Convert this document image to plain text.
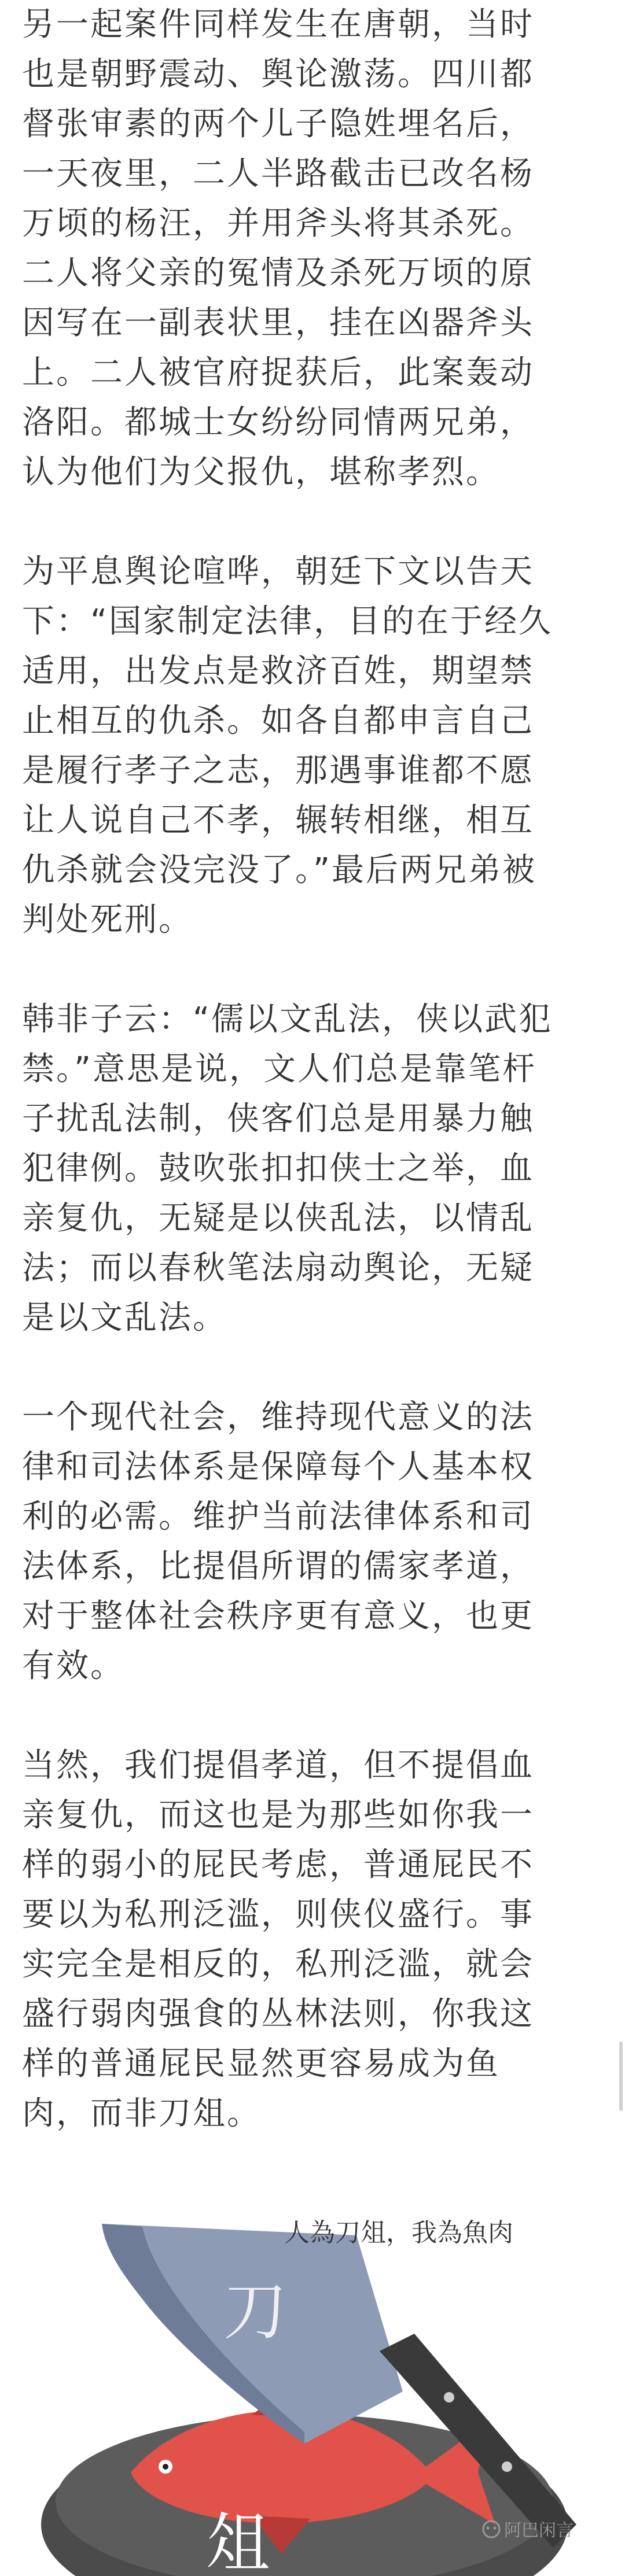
另一起案件同样发生在唐朝，当时
也是朝野震动、舆论激荡。四川都
督张审素的两个儿子隐姓埋名后，
一天夜里，二人半路截击已改名杨
万顷的杨汪，并用斧头将其杀死。
二人将父亲的冤情及杀死万顷的原
因写在一副表状里，挂在凶器斧头
上。二人被官府捉获后，此案轰动
洛阳。都城士女纷纷同情两兄弟，
认为他们为父报仇，堪称孝烈。

为平息舆论喧哗，朝廷下文以告天
下：“国家制定法律，目的在于经久
适用，出发点是救济百姓，期望禁
止相互的仇杀。如各自都申言自己
是履行孝子之志，那遇事谁都不愿
让人说自己不孝，辗转相继，相互
仇杀就会没完没了。”最后两兄弟被
判处死刑。

韩非子云：“儒以文乱法，侠以武犯
禁。”意思是说，文人们总是靠笔杆
子扰乱法制，侠客们总是用暴力触
犯律例。鼓吹张扣扣侠士之举，血
亲复仇，无疑是以侠乱法，以情乱
法；而以春秋笔法扇动舆论，无疑
是以文乱法。

一个现代社会，维持现代意义的法
律和司法体系是保障每个人基本权
利的必需。维护当前法律体系和司
法体系，比提倡所谓的儒家孝道，
对于整体社会秩序更有意义，也更
有效。

当然，我们提倡孝道，但不提倡血
亲复仇，而这也是为那些如你我一
样的弱小的屁民考虑，普通屁民不
要以为私刑泛滥，则侠仪盛行。事
实完全是相反的，私刑泛滥，就会
盛行弱肉强食的丛林法则，你我这
样的普通屁民显然更容易成为鱼
肉，而非刀俎。

刀
俎
人為刀俎，我為魚肉
阿巴闲言
